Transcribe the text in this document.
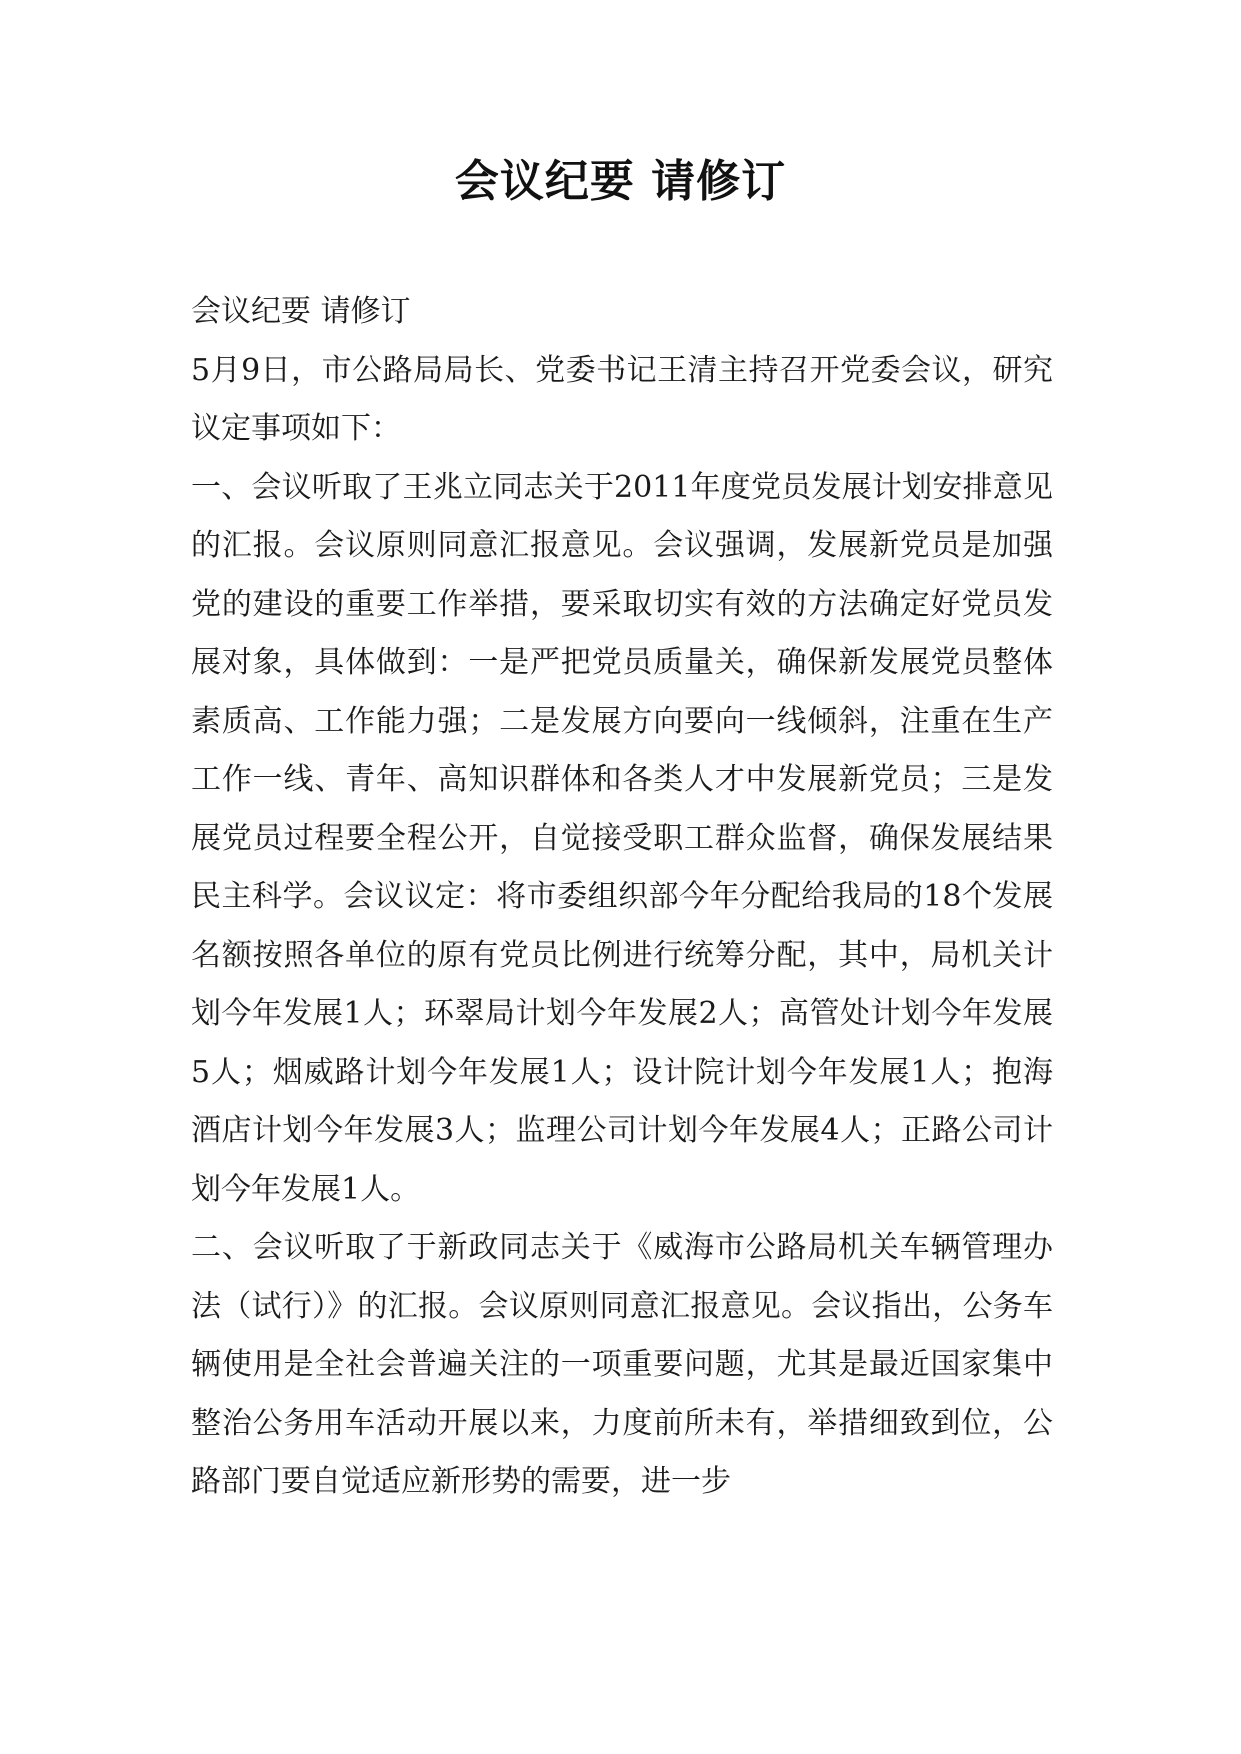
会议纪要 请修订

会议纪要 请修订

5月9日，市公路局局长、党委书记王清主持召开党委会议，研究议定事项如下：

一、会议听取了王兆立同志关于2011年度党员发展计划安排意见的汇报。会议原则同意汇报意见。会议强调，发展新党员是加强党的建设的重要工作举措，要采取切实有效的方法确定好党员发展对象，具体做到：一是严把党员质量关，确保新发展党员整体素质高、工作能力强；二是发展方向要向一线倾斜，注重在生产工作一线、青年、高知识群体和各类人才中发展新党员；三是发展党员过程要全程公开，自觉接受职工群众监督，确保发展结果民主科学。会议议定：将市委组织部今年分配给我局的18个发展名额按照各单位的原有党员比例进行统筹分配，其中，局机关计划今年发展1人；环翠局计划今年发展2人；高管处计划今年发展5人；烟威路计划今年发展1人；设计院计划今年发展1人；抱海酒店计划今年发展3人；监理公司计划今年发展4人；正路公司计划今年发展1人。

二、会议听取了于新政同志关于《威海市公路局机关车辆管理办法（试行）》的汇报。会议原则同意汇报意见。会议指出，公务车辆使用是全社会普遍关注的一项重要问题，尤其是最近国家集中整治公务用车活动开展以来，力度前所未有，举措细致到位，公路部门要自觉适应新形势的需要，进一步
